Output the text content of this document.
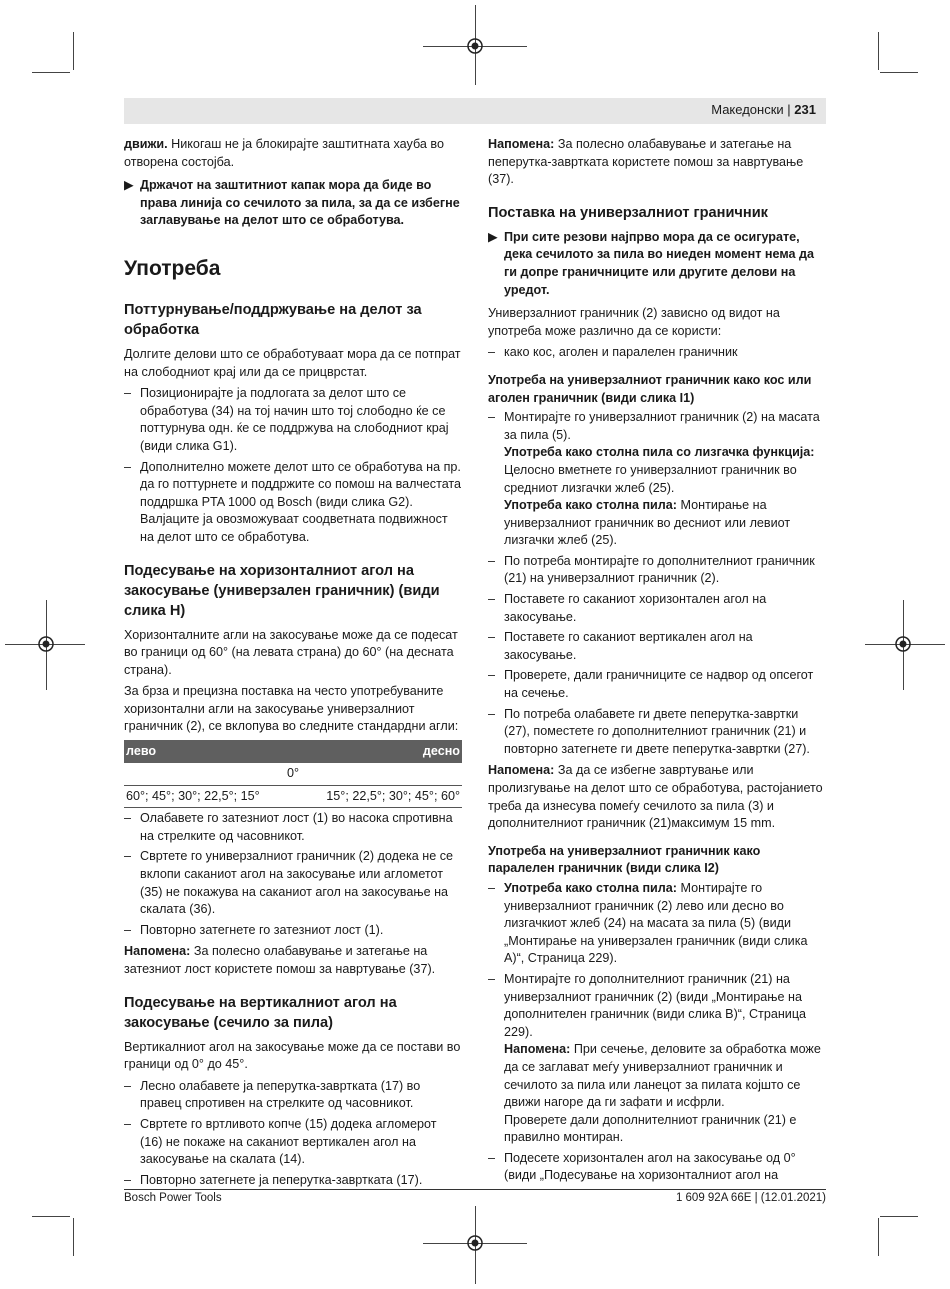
Македонски | 231

движи. Никогаш не ја блокирајте заштитната хауба во отворена состојба.

▶ Држачот на заштитниот капак мора да биде во права линија со сечилото за пила, за да се избегне заглавување на делот што се обработува.
Употреба
Поттурнување/поддржување на делот за обработка

Долгите делови што се обработуваат мора да се потпрат на слободниот крај или да се прицврстат.

– Позиционирајте ја подлогата за делот што се обработува (34) на тој начин што тој слободно ќе се поттурнува одн. ќе се поддржува на слободниот крај (види слика G1).
– Дополнително можете делот што се обработува на пр. да го поттурнете и поддржите со помош на валчестата поддршка PTA 1000 од Bosch (види слика G2). Валјаците ја овозможуваат соодветната подвижност на делот што се обработува.
Подесување на хоризонталниот агол на закосување (универзален граничник) (види слика H)

Хоризонталните агли на закосување може да се подесат во граници од 60° (на левата страна) до 60° (на десната страна).

За брза и прецизна поставка на често употребуваните хоризонтални агли на закосување универзалниот граничник (2), се вклопува во следните стандардни агли:

лево	десно
0°	
60°; 45°; 30°; 22,5°; 15°	15°; 22,5°; 30°; 45°; 60°
– Олабавете го затезниот лост (1) во насока спротивна на стрелките од часовникот.
– Свртете го универзалниот граничник (2) додека не се вклопи саканиот агол на закосување или аглометот (35) не покажува на саканиот агол на закосување на скалата (36).
– Повторно затегнете го затезниот лост (1).

Напомена: За полесно олабавување и затегање на затезниот лост користете помош за навртување (37).

Подесување на вертикалниот агол на закосување (сечило за пила)

Вертикалниот агол на закосување може да се постави во граници од 0° до 45°.

– Лесно олабавете ја пеперутка-завртката (17) во правец спротивен на стрелките од часовникот.
– Свртете го вртливото копче (15) додека агломерот (16) не покаже на саканиот вертикален агол на закосување на скалата (14).
– Повторно затегнете ја пеперутка-завртката (17).

Напомена: За полесно олабавување и затегање на пеперутка-завртката користете помош за навртување (37).

Поставка на универзалниот граничник
▶ При сите резови најпрво мора да се осигурате, дека сечилото за пила во ниеден момент нема да ги допре граничниците или другите делови на уредот.

Универзалниот граничник (2) зависно од видот на употреба може различно да се користи:

– како кос, аголен и паралелен граничник
Употреба на универзалниот граничник како кос или аголен граничник (види слика I1)
– Монтирајте го универзалниот граничник (2) на масата за пила (5).
Употреба како столна пила со лизгачка функција:
Целосно вметнете го универзалниот граничник во средниот лизгачки жлеб (25).
Употреба како столна пила: Монтирање на универзалниот граничник во десниот или левиот лизгачки жлеб (25).
– По потреба монтирајте го дополнителниот граничник (21) на универзалниот граничник (2).
– Поставете го саканиот хоризонтален агол на закосување.
– Поставете го саканиот вертикален агол на закосување.
– Проверете, дали граничниците се надвор од опсегот на сечење.
– По потреба олабавете ги двете пеперутка-завртки (27), поместете го дополнителниот граничник (21) и повторно затегнете ги двете пеперутка-завртки (27).

Напомена: За да се избегне завртување или пролизгување на делот што се обработува, растојанието треба да изнесува помеѓу сечилото за пила (3) и дополнителниот граничник (21)максимум 15 mm.

Употреба на универзалниот граничник како паралелен граничник (види слика I2)
– Употреба како столна пила: Монтирајте го универзалниот граничник (2) лево или десно во лизгачкиот жлеб (24) на масата за пила (5) (види „Монтирање на универзален граничник (види слика A)“, Страница 229).
– Монтирајте го дополнителниот граничник (21) на универзалниот граничник (2) (види „Монтирање на дополнителен граничник (види слика B)“, Страница 229).
Напомена: При сечење, деловите за обработка може да се заглават меѓу универзалниот граничник и сечилото за пила или ланецот за пилата којшто се движи нагоре да ги зафати и исфрли.
Проверете дали дополнителниот граничник (21) е правилно монтиран.
– Подесете хоризонтален агол на закосување од 0° (види „Подесување на хоризонталниот агол на
Bosch Power Tools	1 609 92A 66E | (12.01.2021)
